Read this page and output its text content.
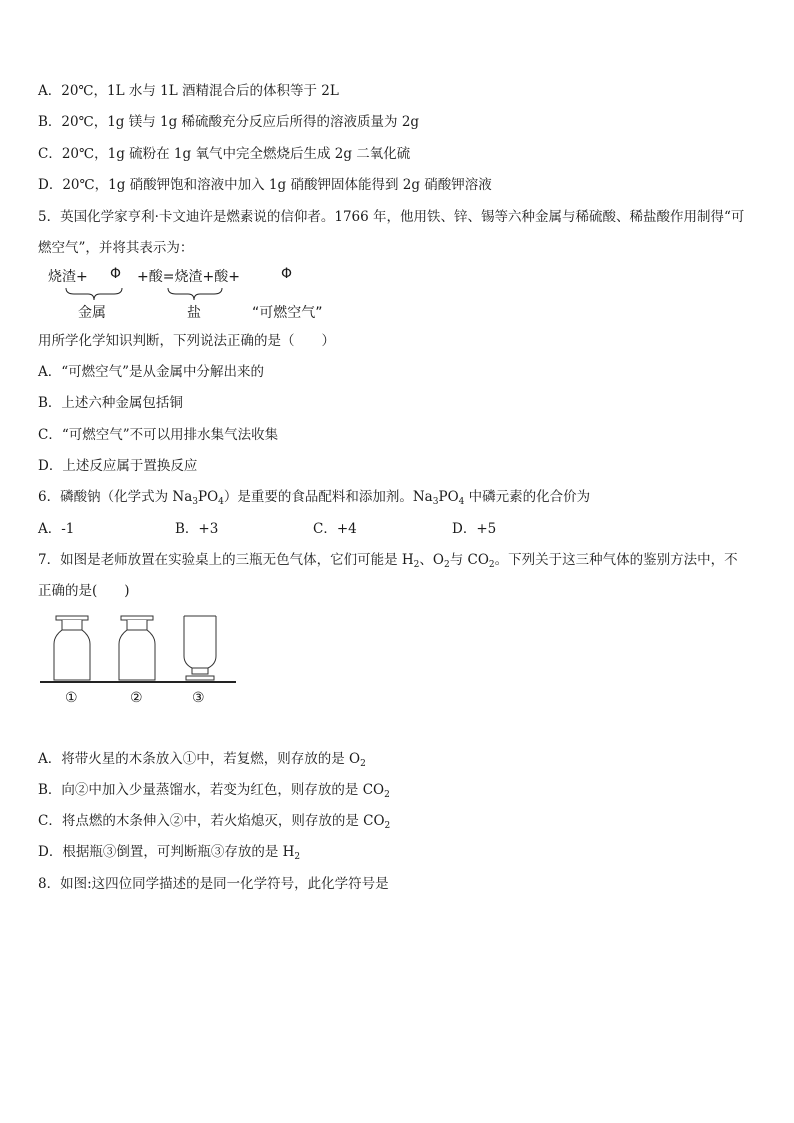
A．20℃，1L 水与 1L 酒精混合后的体积等于 2L
B．20℃，1g 镁与 1g 稀硫酸充分反应后所得的溶液质量为 2g
C．20℃，1g 硫粉在 1g 氧气中完全燃烧后生成 2g 二氧化硫
D．20℃，1g 硝酸钾饱和溶液中加入 1g 硝酸钾固体能得到 2g 硝酸钾溶液
5．英国化学家亨利·卡文迪许是燃素说的信仰者。1766 年，他用铁、锌、锡等六种金属与稀硫酸、稀盐酸作用制得“可
燃空气”，并将其表示为：
烧渣+ Φ +酸=烧渣+酸+	Φ
金属	盐	“可燃空气”
用所学化学知识判断，下列说法正确的是（　　）
A．“可燃空气”是从金属中分解出来的
B．上述六种金属包括铜
C．“可燃空气”不可以用排水集气法收集
D．上述反应属于置换反应
6．磷酸钠（化学式为 $Na_3PO_4$）是重要的食品配料和添加剂。$Na_3PO_4$ 中磷元素的化合价为
A．-1	B．+3	C．+4	D．+5
7．如图是老师放置在实验桌上的三瓶无色气体，它们可能是 $H_2$、$O_2$与 $CO_2$。下列关于这三种气体的鉴别方法中，不
正确的是(　　)
①	②	③
A．将带火星的木条放入①中，若复燃，则存放的是 $O_2$
B．向②中加入少量蒸馏水，若变为红色，则存放的是 $CO_2$
C．将点燃的木条伸入②中，若火焰熄灭，则存放的是 $CO_2$
D．根据瓶③倒置，可判断瓶③存放的是 $H_2$
8．如图:这四位同学描述的是同一化学符号，此化学符号是
